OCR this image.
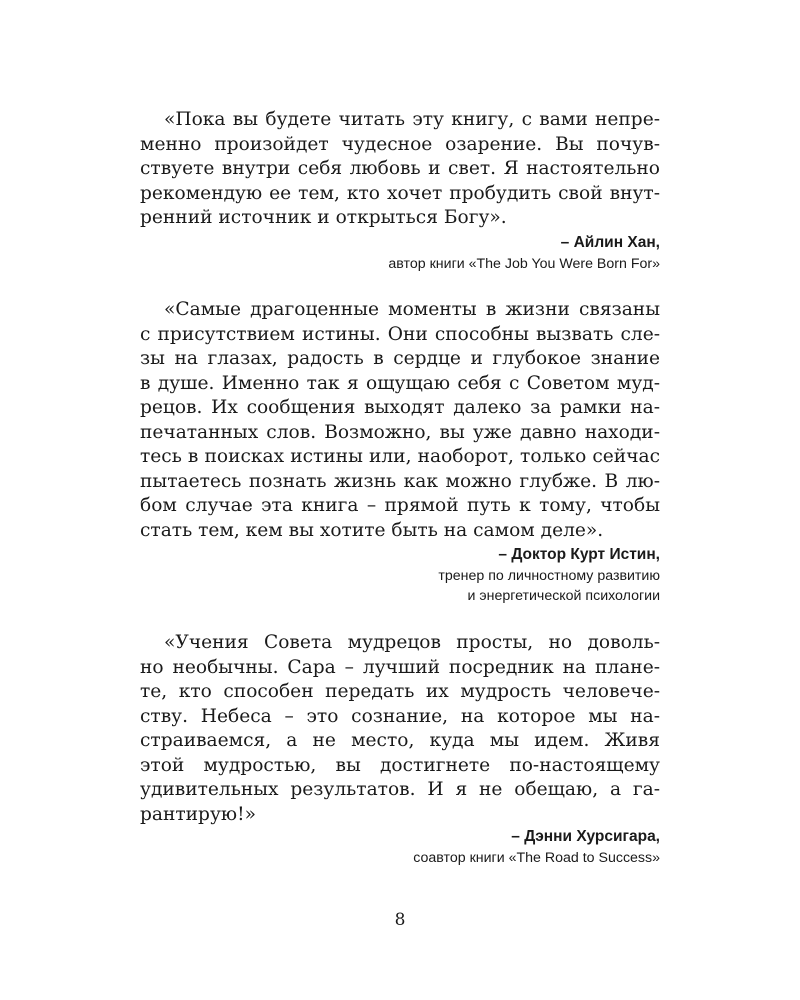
«Пока вы будете читать эту книгу, с вами непре-
менно произойдет чудесное озарение. Вы почув-
ствуете внутри себя любовь и свет. Я настоятельно
рекомендую ее тем, кто хочет пробудить свой внут-
ренний источник и открыться Богу».
– Айлин Хан,
автор книги «The Job You Were Born For»
«Самые драгоценные моменты в жизни связаны
с присутствием истины. Они способны вызвать сле-
зы на глазах, радость в сердце и глубокое знание
в душе. Именно так я ощущаю себя с Советом муд-
рецов. Их сообщения выходят далеко за рамки на-
печатанных слов. Возможно, вы уже давно находи-
тесь в поисках истины или, наоборот, только сейчас
пытаетесь познать жизнь как можно глубже. В лю-
бом случае эта книга – прямой путь к тому, чтобы
стать тем, кем вы хотите быть на самом деле».
– Доктор Курт Истин,
тренер по личностному развитию
и энергетической психологии
«Учения Совета мудрецов просты, но доволь-
но необычны. Сара – лучший посредник на плане-
те, кто способен передать их мудрость человече-
ству. Небеса – это сознание, на которое мы на-
страиваемся, а не место, куда мы идем. Живя
этой мудростью, вы достигнете по-настоящему
удивительных результатов. И я не обещаю, а га-
рантирую!»
– Дэнни Хурсигара,
соавтор книги «The Road to Success»
8
